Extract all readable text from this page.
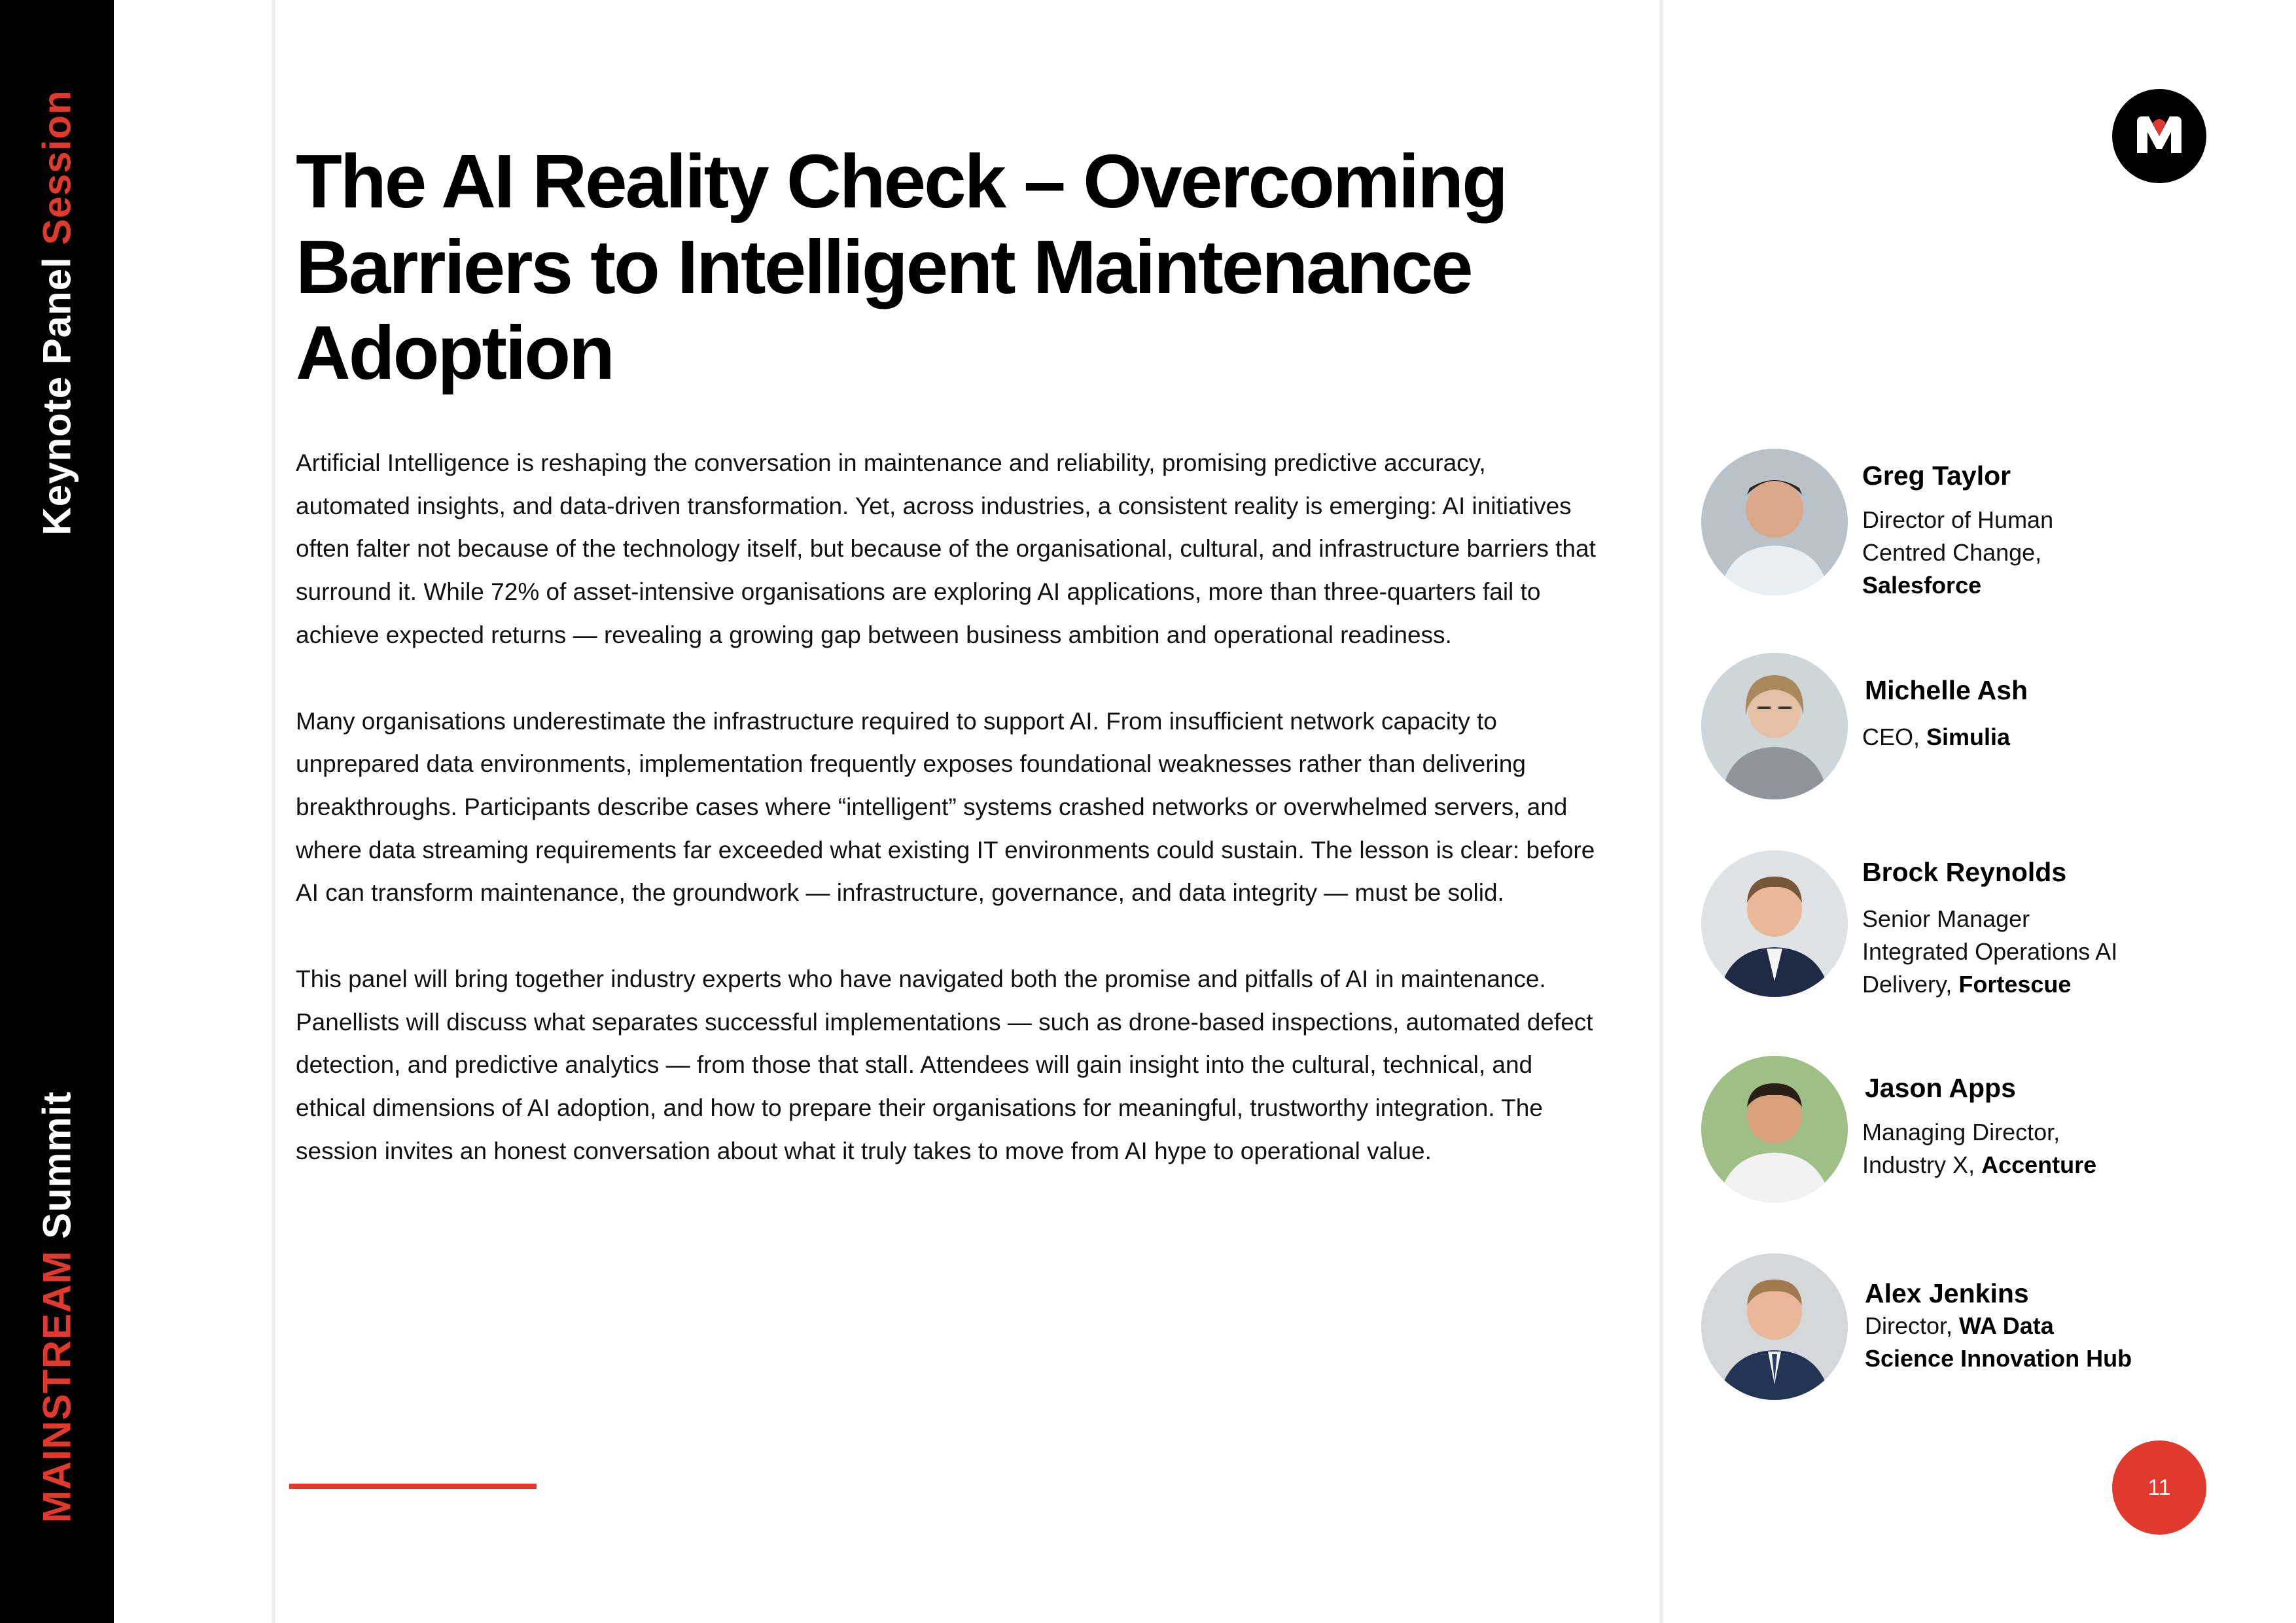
Keynote Panel Session
MAINSTREAM Summit
The AI Reality Check – Overcoming Barriers to Intelligent Maintenance Adoption

Artificial Intelligence is reshaping the conversation in maintenance and reliability, promising predictive accuracy, automated insights, and data-driven transformation. Yet, across industries, a consistent reality is emerging: AI initiatives often falter not because of the technology itself, but because of the organisational, cultural, and infrastructure barriers that surround it. While 72% of asset-intensive organisations are exploring AI applications, more than three-quarters fail to achieve expected returns — revealing a growing gap between business ambition and operational readiness.

Many organisations underestimate the infrastructure required to support AI. From insufficient network capacity to unprepared data environments, implementation frequently exposes foundational weaknesses rather than delivering breakthroughs. Participants describe cases where “intelligent” systems crashed networks or overwhelmed servers, and where data streaming requirements far exceeded what existing IT environments could sustain. The lesson is clear: before AI can transform maintenance, the groundwork — infrastructure, governance, and data integrity — must be solid.

This panel will bring together industry experts who have navigated both the promise and pitfalls of AI in maintenance. Panellists will discuss what separates successful implementations — such as drone-based inspections, automated defect detection, and predictive analytics — from those that stall. Attendees will gain insight into the cultural, technical, and ethical dimensions of AI adoption, and how to prepare their organisations for meaningful, trustworthy integration. The session invites an honest conversation about what it truly takes to move from AI hype to operational value.

Greg Taylor
Director of Human
Centred Change,
Salesforce
Michelle Ash
CEO, Simulia
Brock Reynolds
Senior Manager
Integrated Operations AI
Delivery, Fortescue
Jason Apps
Managing Director,
Industry X, Accenture
Alex Jenkins
Director, WA Data
Science Innovation Hub
11
